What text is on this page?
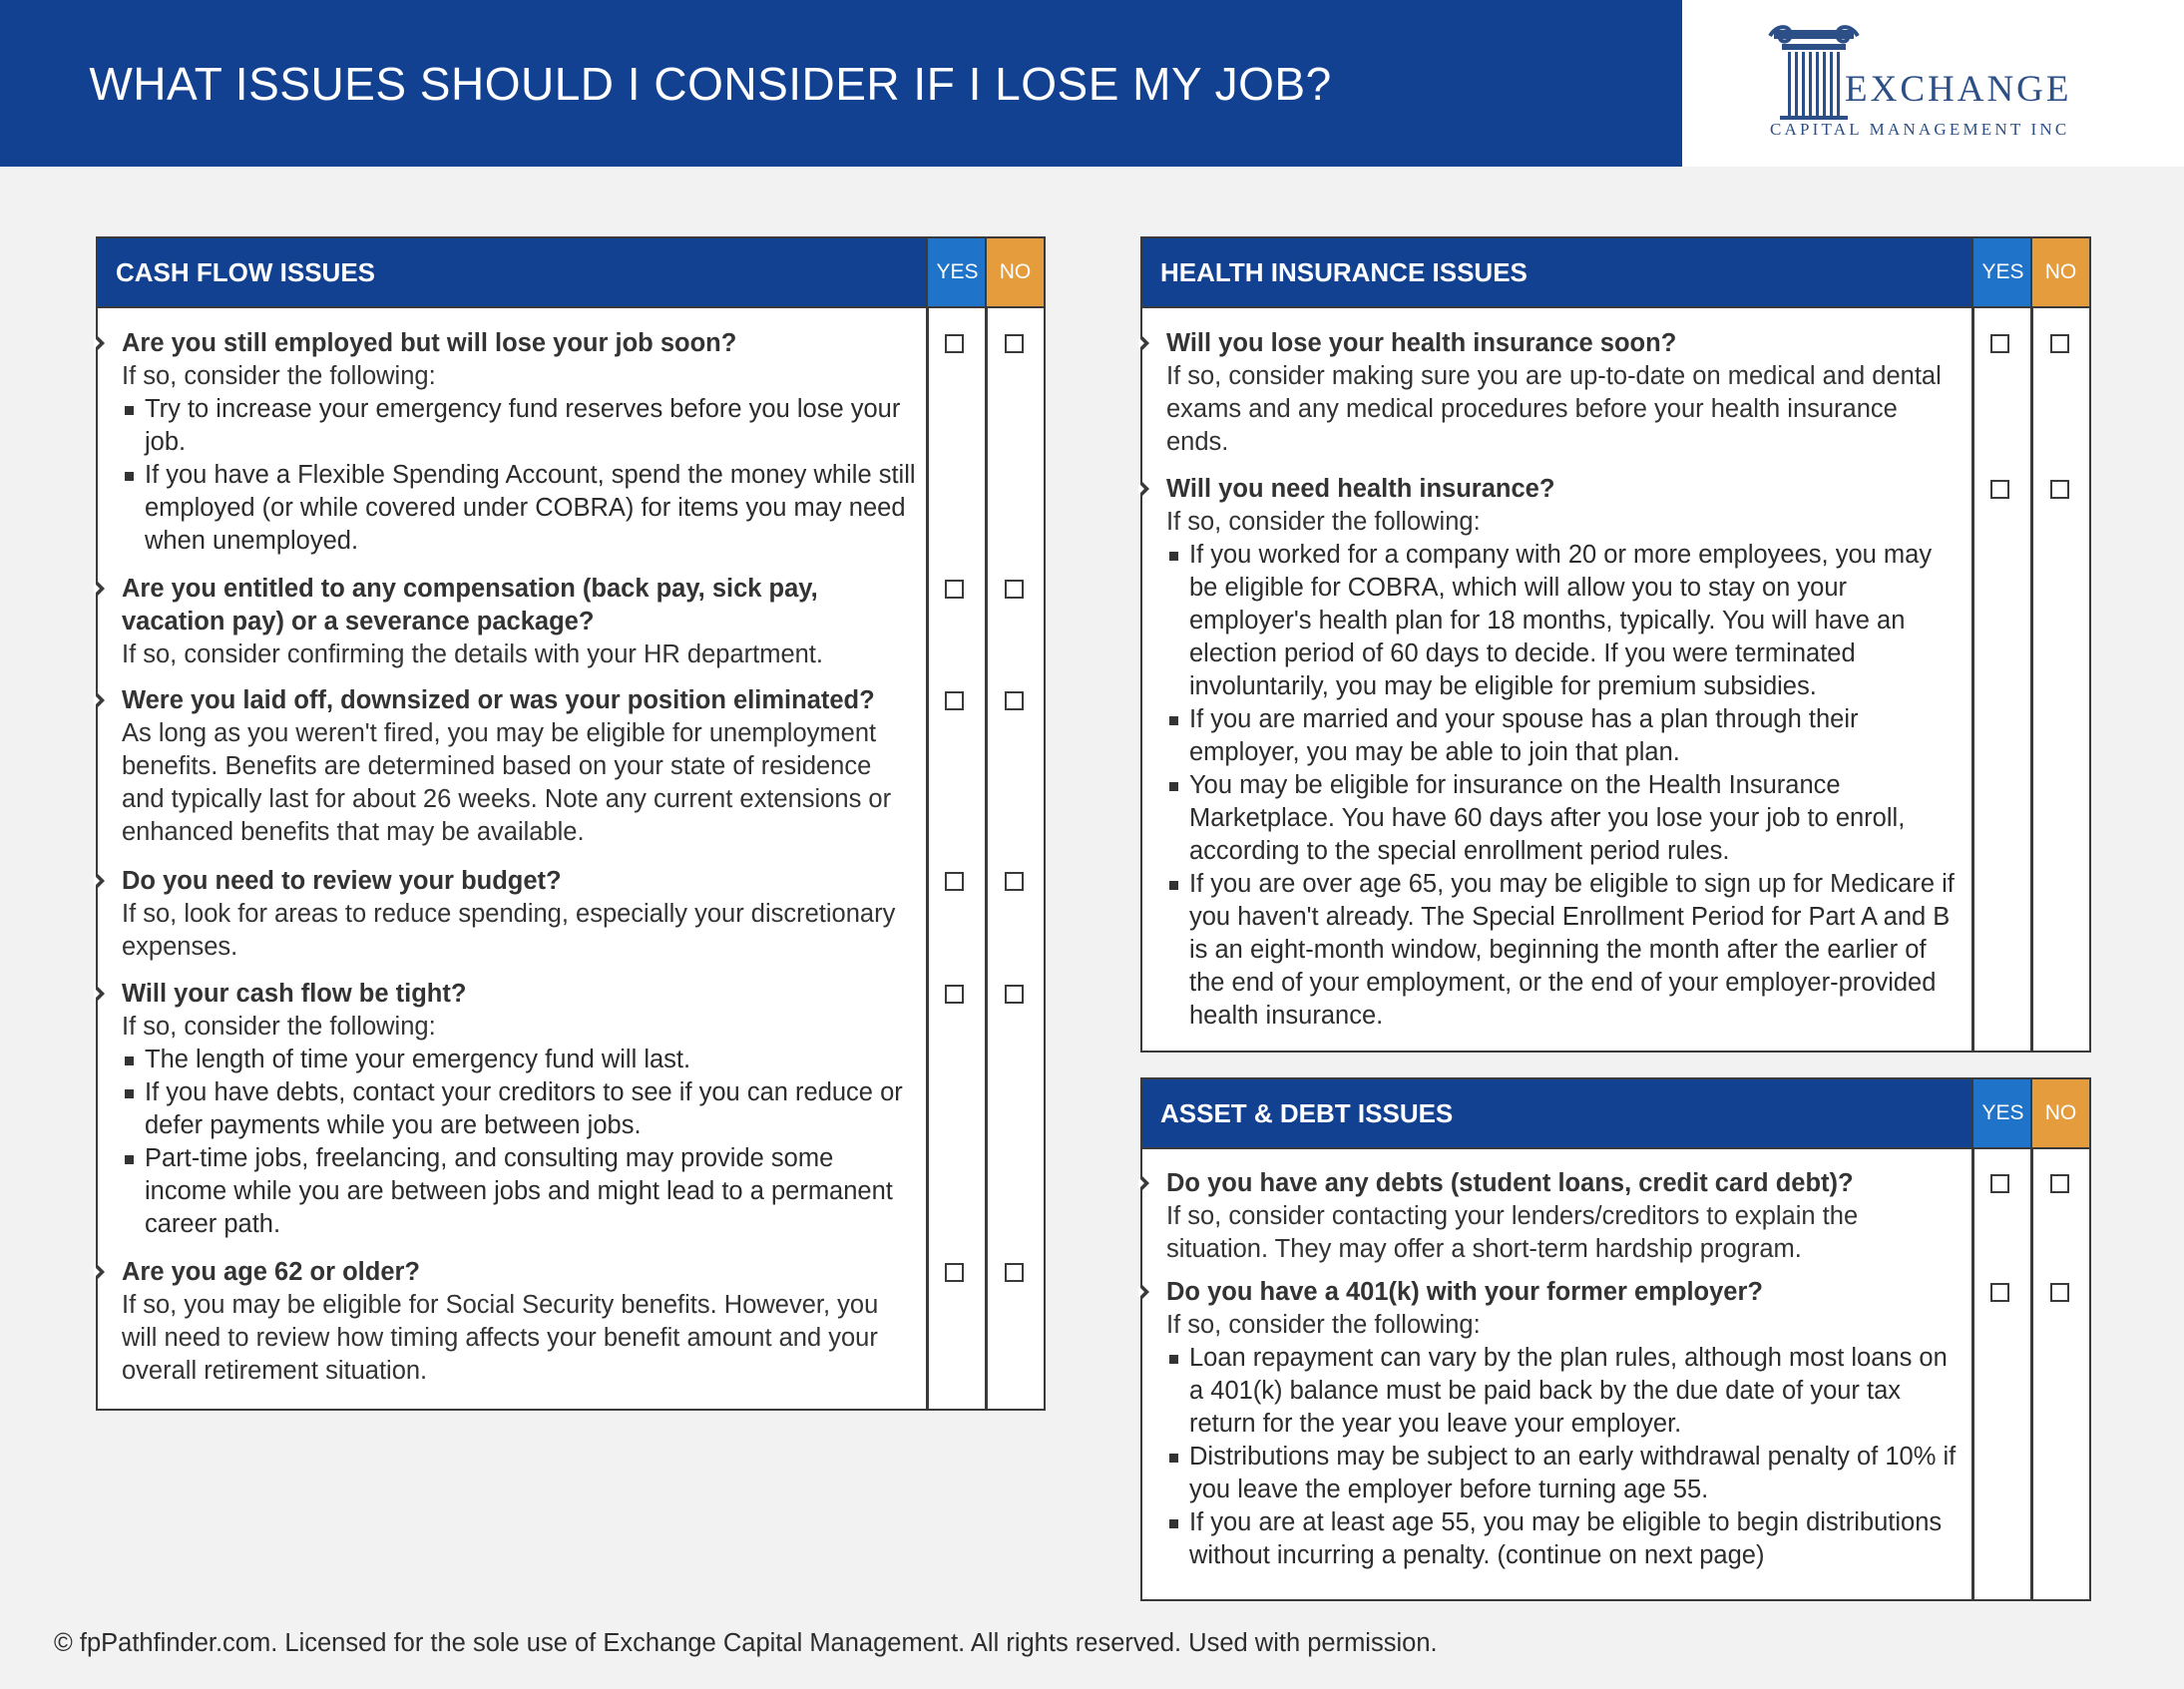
WHAT ISSUES SHOULD I CONSIDER IF I LOSE MY JOB?	EXCHANGE
CAPITAL MANAGEMENT INC
CASH FLOW ISSUES	YES	NO
Are you still employed but will lose your job soon?
If so, consider the following:
Try to increase your emergency fund reserves before you lose your job.
If you have a Flexible Spending Account, spend the money while still employed (or while covered under COBRA) for items you may need when unemployed.
Are you entitled to any compensation (back pay, sick pay, vacation pay) or a severance package?
If so, consider confirming the details with your HR department.
Were you laid off, downsized or was your position eliminated?
As long as you weren't fired, you may be eligible for unemployment benefits. Benefits are determined based on your state of residence and typically last for about 26 weeks. Note any current extensions or enhanced benefits that may be available.
Do you need to review your budget?
If so, look for areas to reduce spending, especially your discretionary expenses.
Will your cash flow be tight?
If so, consider the following:
The length of time your emergency fund will last.
If you have debts, contact your creditors to see if you can reduce or defer payments while you are between jobs.
Part-time jobs, freelancing, and consulting may provide some income while you are between jobs and might lead to a permanent career path.
Are you age 62 or older?
If so, you may be eligible for Social Security benefits. However, you will need to review how timing affects your benefit amount and your overall retirement situation.
HEALTH INSURANCE ISSUES	YES	NO
Will you lose your health insurance soon?
If so, consider making sure you are up-to-date on medical and dental exams and any medical procedures before your health insurance ends.
Will you need health insurance?
If so, consider the following:
If you worked for a company with 20 or more employees, you may be eligible for COBRA, which will allow you to stay on your employer's health plan for 18 months, typically. You will have an election period of 60 days to decide. If you were terminated involuntarily, you may be eligible for premium subsidies.
If you are married and your spouse has a plan through their employer, you may be able to join that plan.
You may be eligible for insurance on the Health Insurance Marketplace. You have 60 days after you lose your job to enroll, according to the special enrollment period rules.
If you are over age 65, you may be eligible to sign up for Medicare if you haven't already. The Special Enrollment Period for Part A and B is an eight-month window, beginning the month after the earlier of the end of your employment, or the end of your employer-provided health insurance.
ASSET & DEBT ISSUES	YES	NO
Do you have any debts (student loans, credit card debt)?
If so, consider contacting your lenders/creditors to explain the situation. They may offer a short-term hardship program.
Do you have a 401(k) with your former employer?
If so, consider the following:
Loan repayment can vary by the plan rules, although most loans on a 401(k) balance must be paid back by the due date of your tax return for the year you leave your employer.
Distributions may be subject to an early withdrawal penalty of 10% if you leave the employer before turning age 55.
If you are at least age 55, you may be eligible to begin distributions without incurring a penalty. (continue on next page)
© fpPathfinder.com. Licensed for the sole use of Exchange Capital Management. All rights reserved. Used with permission.
